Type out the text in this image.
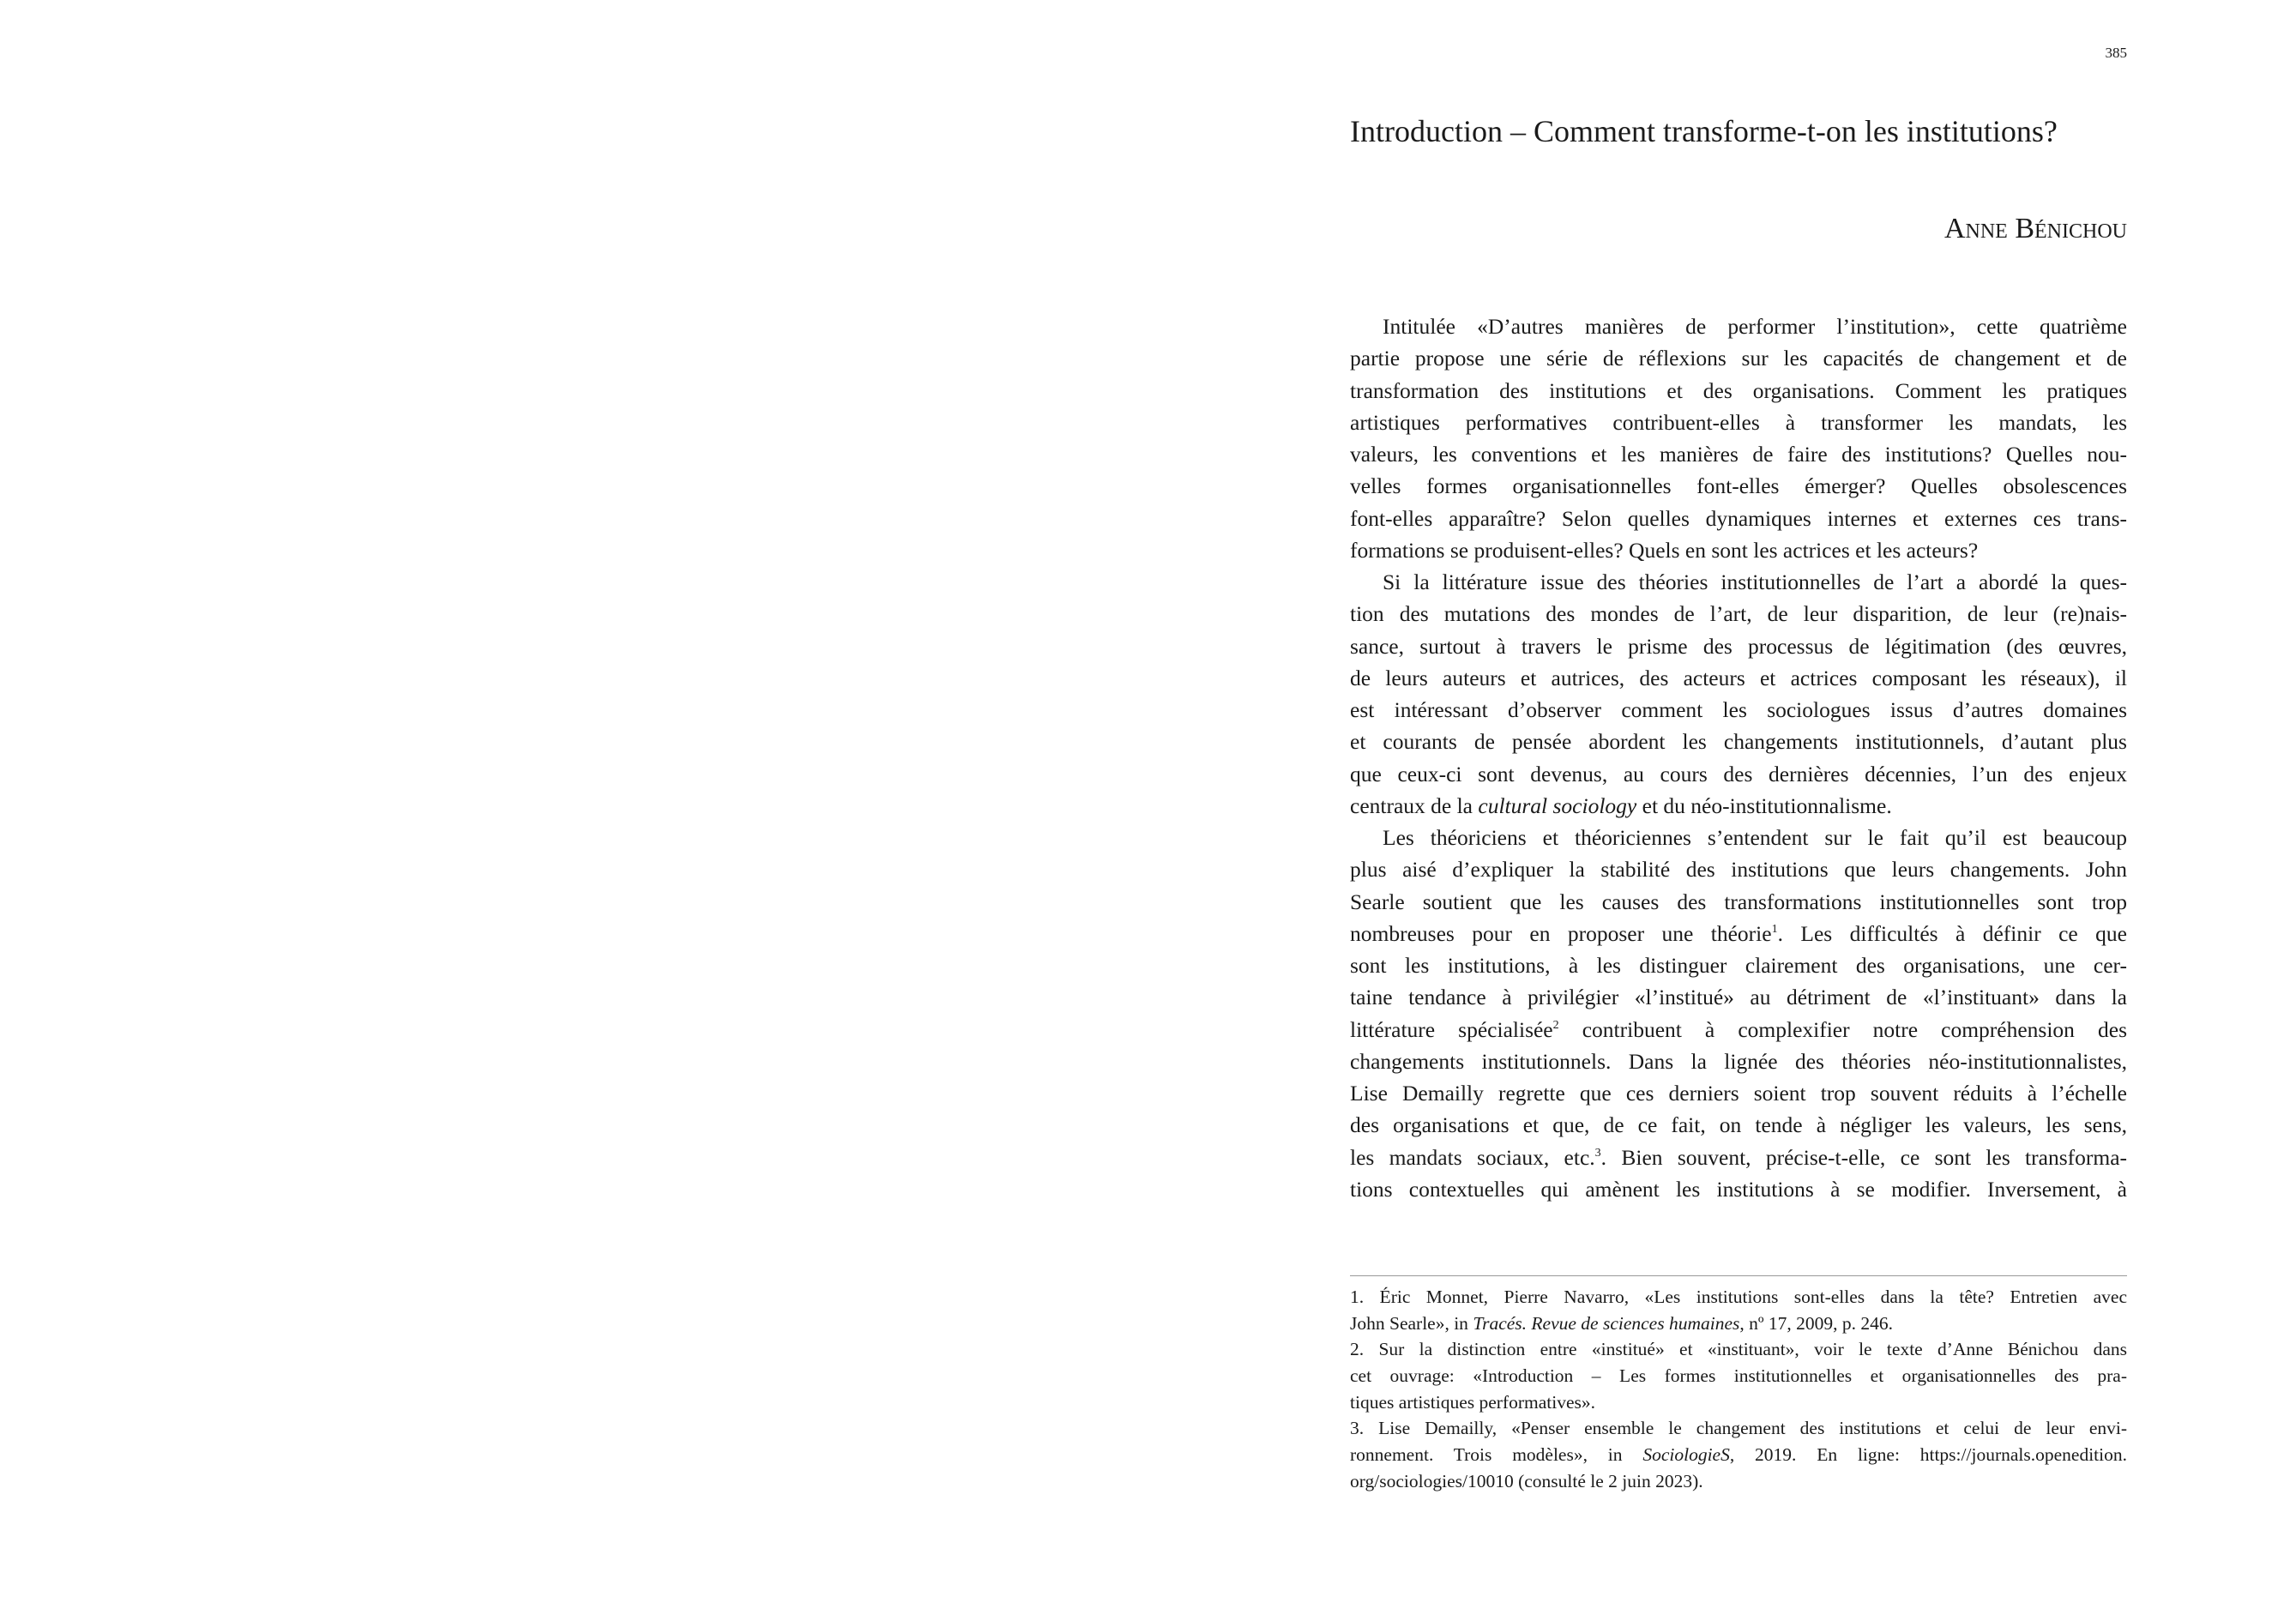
385
Introduction – Comment transforme-t-on les institutions?
Anne Bénichou
Intitulée «D’autres manières de performer l’institution», cette quatrième
partie propose une série de réflexions sur les capacités de changement et de
transformation des institutions et des organisations. Comment les pratiques
artistiques performatives contribuent-elles à transformer les mandats, les
valeurs, les conventions et les manières de faire des institutions? Quelles nou-
velles formes organisationnelles font-elles émerger? Quelles obsolescences
font-elles apparaître? Selon quelles dynamiques internes et externes ces trans-
formations se produisent-elles? Quels en sont les actrices et les acteurs?
Si la littérature issue des théories institutionnelles de l’art a abordé la ques-
tion des mutations des mondes de l’art, de leur disparition, de leur (re)nais-
sance, surtout à travers le prisme des processus de légitimation (des œuvres,
de leurs auteurs et autrices, des acteurs et actrices composant les réseaux), il
est intéressant d’observer comment les sociologues issus d’autres domaines
et courants de pensée abordent les changements institutionnels, d’autant plus
que ceux-ci sont devenus, au cours des dernières décennies, l’un des enjeux
centraux de la cultural sociology et du néo-institutionnalisme.
Les théoriciens et théoriciennes s’entendent sur le fait qu’il est beaucoup
plus aisé d’expliquer la stabilité des institutions que leurs changements. John
Searle soutient que les causes des transformations institutionnelles sont trop
nombreuses pour en proposer une théorie$^1$. Les difficultés à définir ce que
sont les institutions, à les distinguer clairement des organisations, une cer-
taine tendance à privilégier «l’institué» au détriment de «l’instituant» dans la
littérature spécialisée$^2$ contribuent à complexifier notre compréhension des
changements institutionnels. Dans la lignée des théories néo-institutionnalistes,
Lise Demailly regrette que ces derniers soient trop souvent réduits à l’échelle
des organisations et que, de ce fait, on tende à négliger les valeurs, les sens,
les mandats sociaux, etc.$^3$. Bien souvent, précise-t-elle, ce sont les transforma-
tions contextuelles qui amènent les institutions à se modifier. Inversement, à
1. Éric Monnet, Pierre Navarro, «Les institutions sont-elles dans la tête? Entretien avec
John Searle», in Tracés. Revue de sciences humaines, nº 17, 2009, p. 246.
2. Sur la distinction entre «institué» et «instituant», voir le texte d’Anne Bénichou dans
cet ouvrage: «Introduction – Les formes institutionnelles et organisationnelles des pra-
tiques artistiques performatives».
3. Lise Demailly, «Penser ensemble le changement des institutions et celui de leur envi-
ronnement. Trois modèles», in SociologieS, 2019. En ligne: https://journals.openedition.
org/sociologies/10010 (consulté le 2 juin 2023).
